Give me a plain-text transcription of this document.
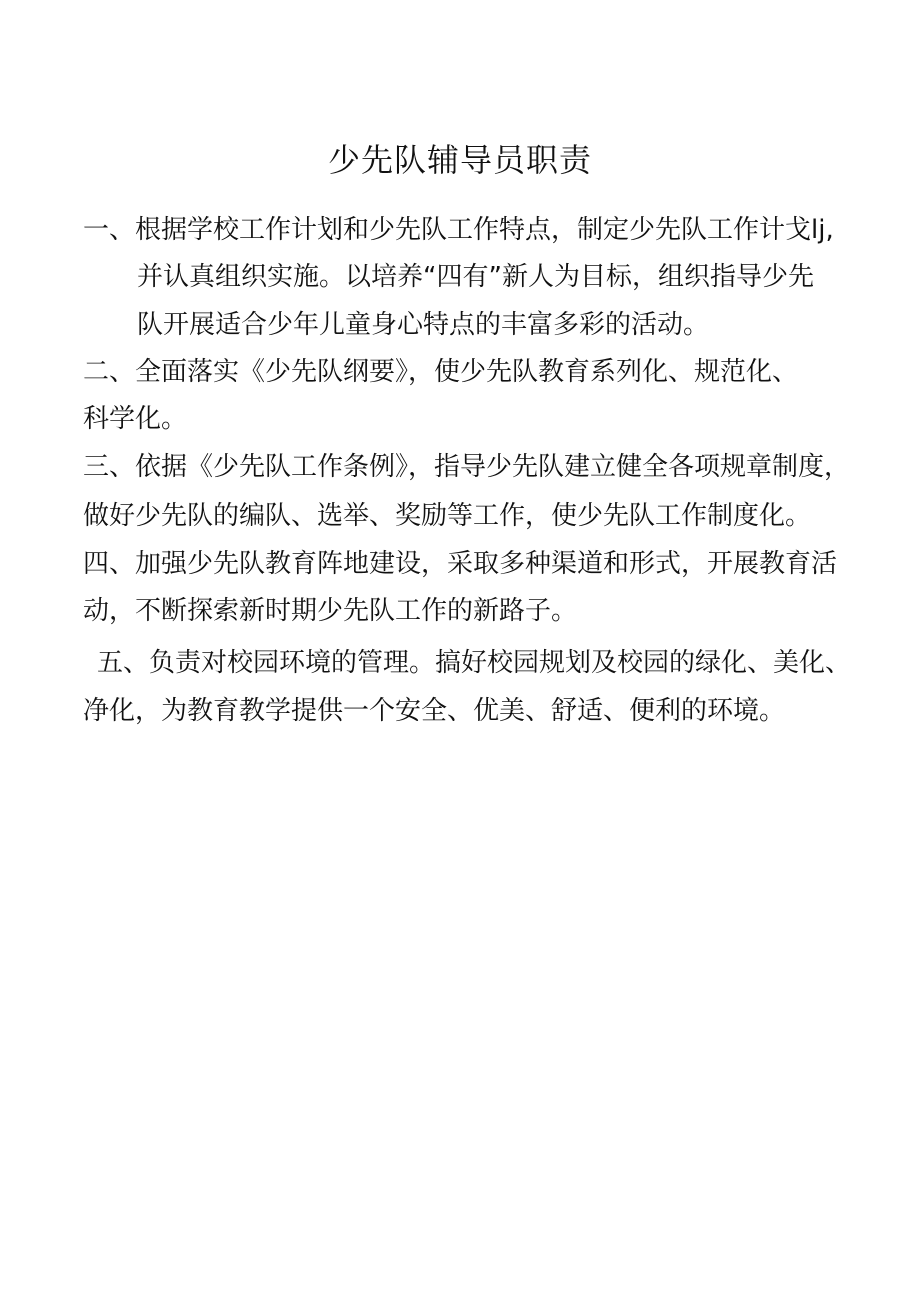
少先队辅导员职责
一、根据学校工作计划和少先队工作特点，制定少先队工作计戈lj,
并认真组织实施。以培养“四有”新人为目标，组织指导少先
队开展适合少年儿童身心特点的丰富多彩的活动。
二、全面落实《少先队纲要》，使少先队教育系列化、规范化、
科学化。
三、依据《少先队工作条例》，指导少先队建立健全各项规章制度，
做好少先队的编队、选举、奖励等工作，使少先队工作制度化。
四、加强少先队教育阵地建设，采取多种渠道和形式，开展教育活
动，不断探索新时期少先队工作的新路子。
五、负责对校园环境的管理。搞好校园规划及校园的绿化、美化、
净化，为教育教学提供一个安全、优美、舒适、便利的环境。
